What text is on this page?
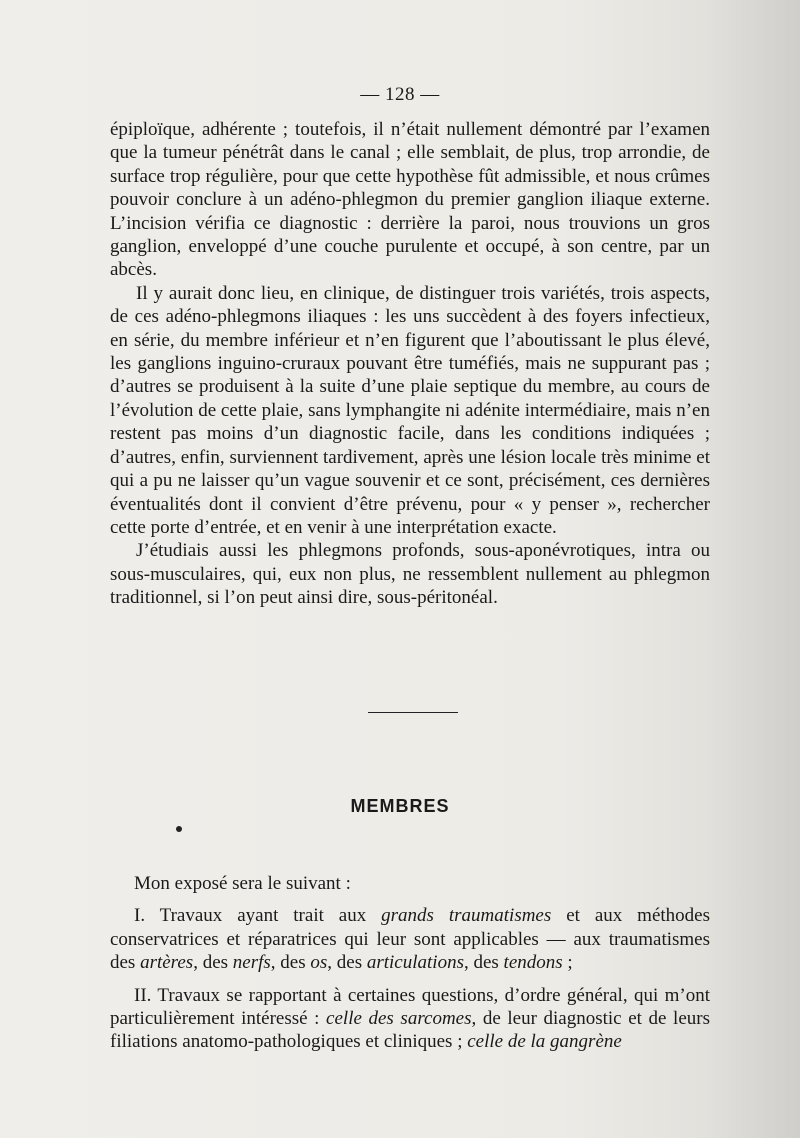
— 128 —

épiploïque, adhérente ; toutefois, il n’était nullement démontré par l’examen que la tumeur pénétrât dans le canal ; elle semblait, de plus, trop arrondie, de surface trop régulière, pour que cette hypothèse fût admissible, et nous crûmes pouvoir conclure à un adéno-phlegmon du premier ganglion iliaque externe. L’incision vérifia ce diagnostic : derrière la paroi, nous trouvions un gros ganglion, enveloppé d’une couche purulente et occupé, à son centre, par un abcès.

Il y aurait donc lieu, en clinique, de distinguer trois variétés, trois aspects, de ces adéno-phlegmons iliaques : les uns succèdent à des foyers infectieux, en série, du membre inférieur et n’en figurent que l’aboutissant le plus élevé, les ganglions inguino-cruraux pouvant être tuméfiés, mais ne suppurant pas ; d’autres se produisent à la suite d’une plaie septique du membre, au cours de l’évolution de cette plaie, sans lymphangite ni adénite intermédiaire, mais n’en restent pas moins d’un diagnostic facile, dans les conditions indiquées ; d’autres, enfin, surviennent tardivement, après une lésion locale très minime et qui a pu ne laisser qu’un vague souvenir et ce sont, précisément, ces dernières éventualités dont il convient d’être prévenu, pour « y penser », rechercher cette porte d’entrée, et en venir à une interprétation exacte.

J’étudiais aussi les phlegmons profonds, sous-aponévrotiques, intra ou sous-musculaires, qui, eux non plus, ne ressemblent nullement au phlegmon traditionnel, si l’on peut ainsi dire, sous-péritonéal.

MEMBRES

Mon exposé sera le suivant :

I. Travaux ayant trait aux grands traumatismes et aux méthodes conservatrices et réparatrices qui leur sont applicables — aux traumatismes des artères, des nerfs, des os, des articulations, des tendons ;

II. Travaux se rapportant à certaines questions, d’ordre général, qui m’ont particulièrement intéressé : celle des sarcomes, de leur diagnostic et de leurs filiations anatomo-pathologiques et cliniques ; celle de la gangrène
